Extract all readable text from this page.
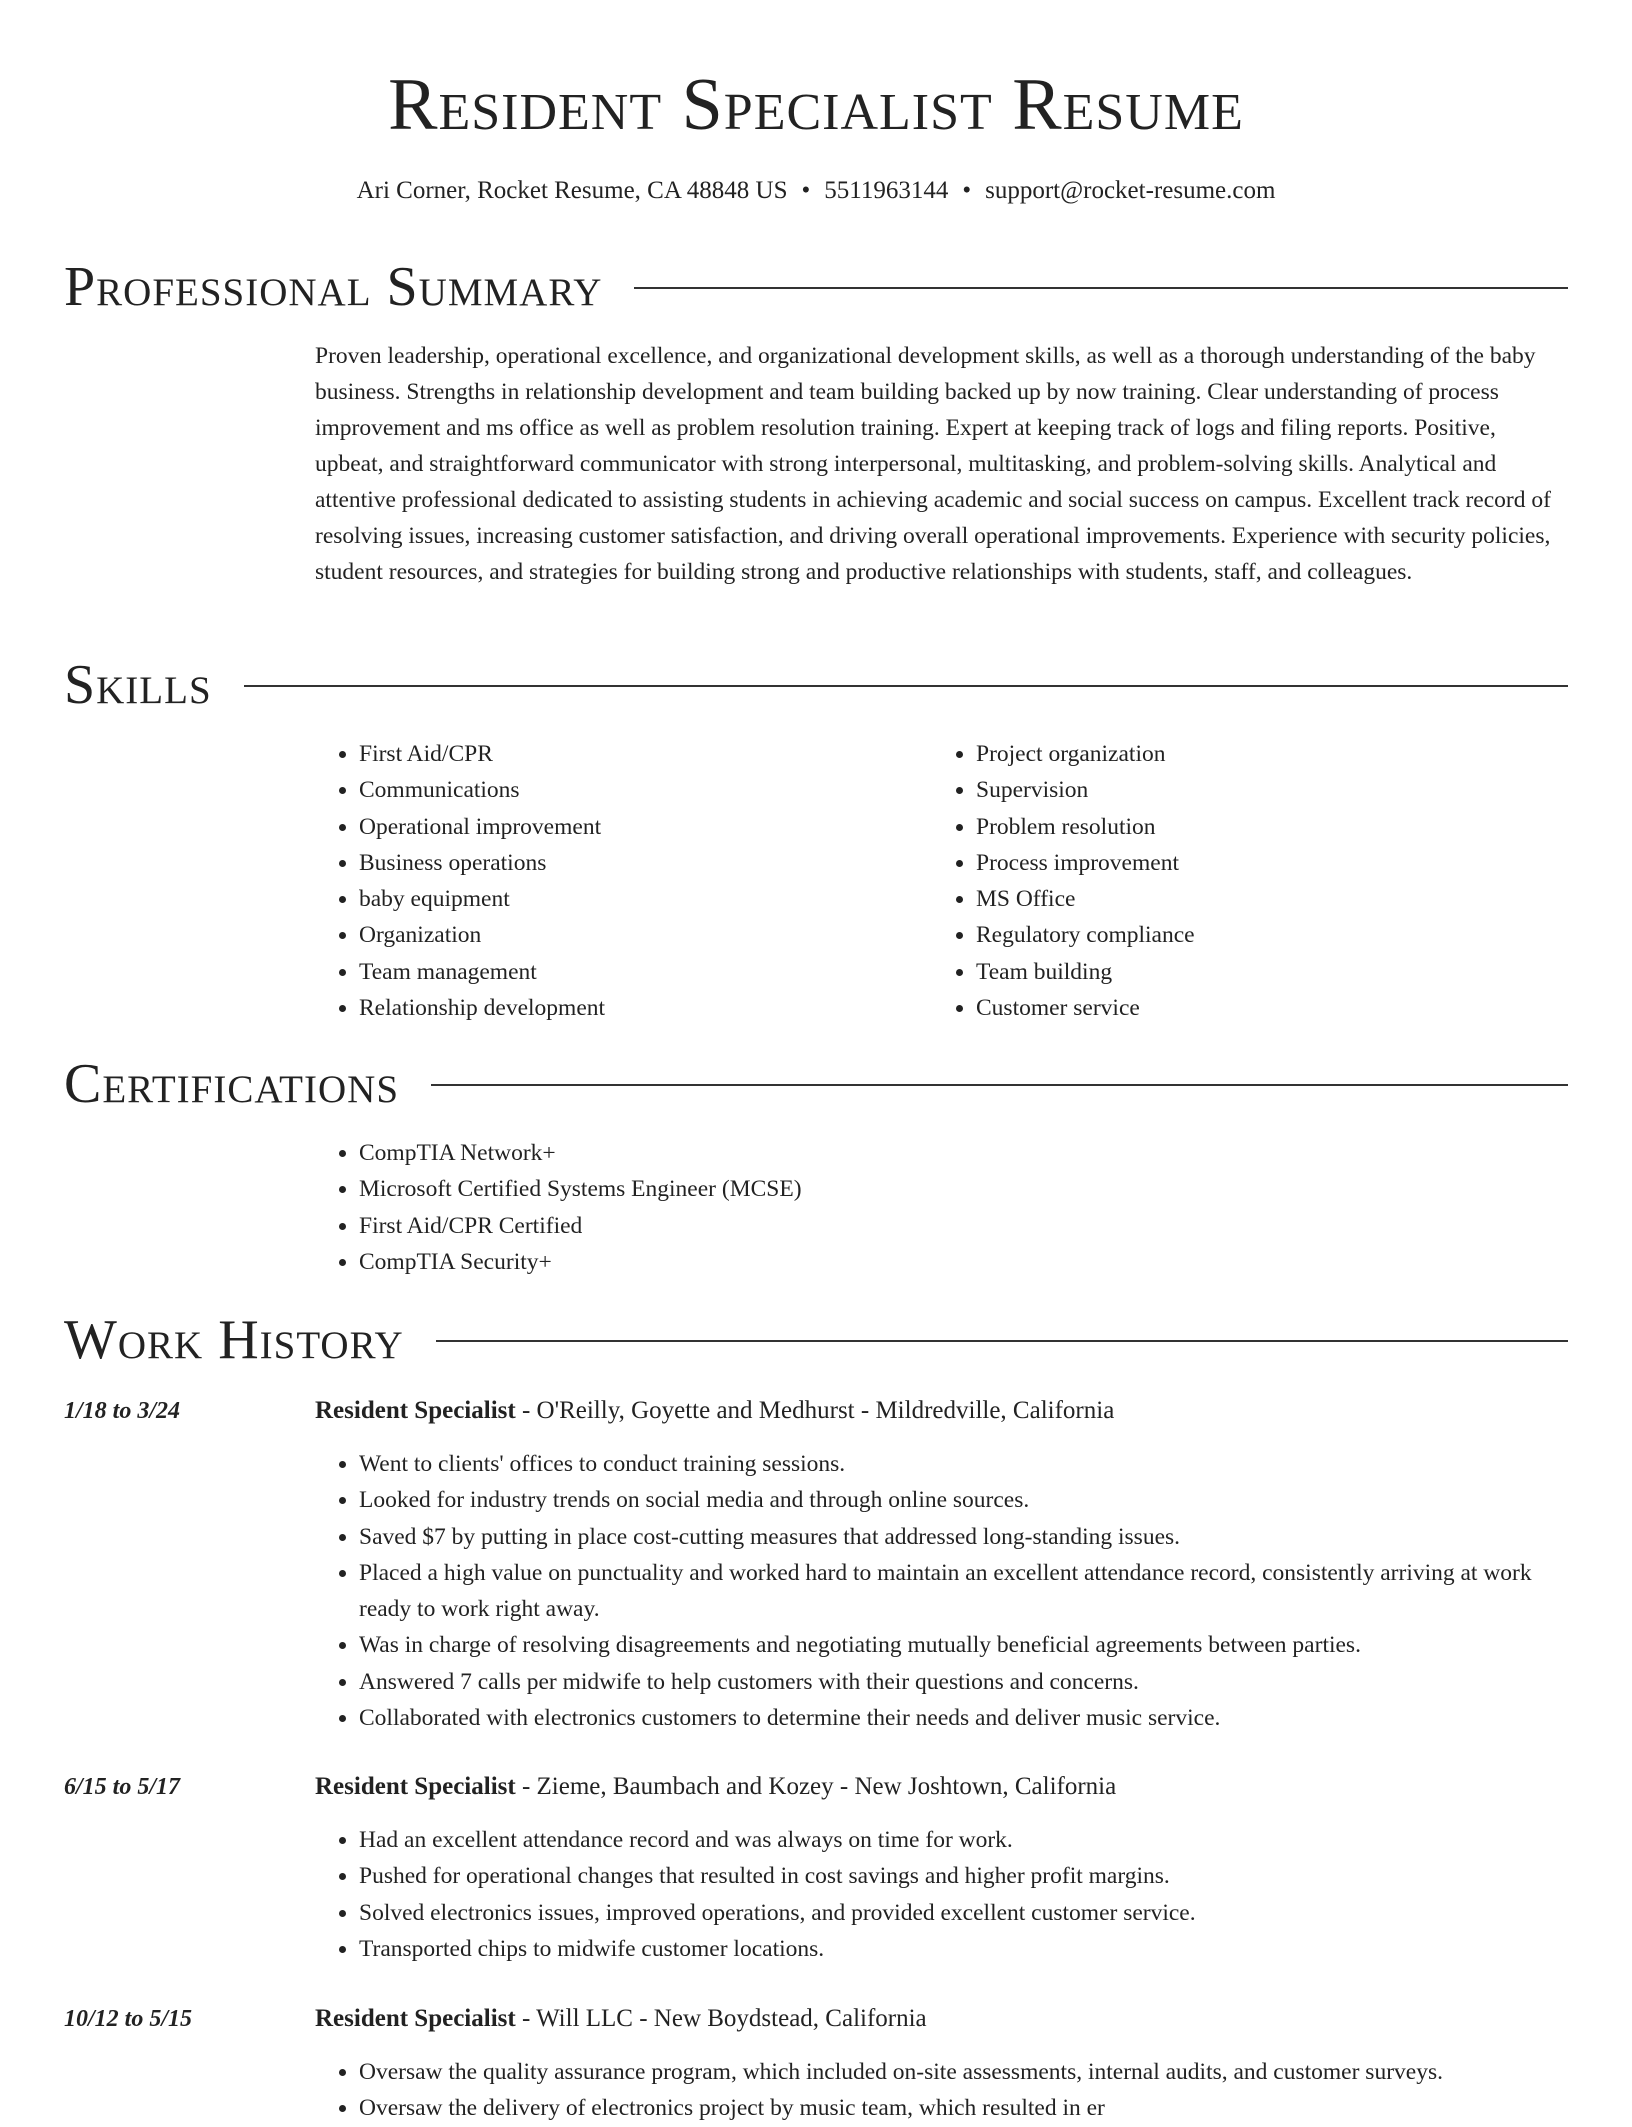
Resident Specialist Resume
Ari Corner, Rocket Resume, CA 48848 US • 5511963144 • support@rocket-resume.com
Professional Summary

Proven leadership, operational excellence, and organizational development skills, as well as a thorough understanding of the baby business. Strengths in relationship development and team building backed up by now training. Clear understanding of process improvement and ms office as well as problem resolution training. Expert at keeping track of logs and filing reports. Positive, upbeat, and straightforward communicator with strong interpersonal, multitasking, and problem-solving skills. Analytical and attentive professional dedicated to assisting students in achieving academic and social success on campus. Excellent track record of resolving issues, increasing customer satisfaction, and driving overall operational improvements. Experience with security policies, student resources, and strategies for building strong and productive relationships with students, staff, and colleagues.

Skills
• First Aid/CPR
• Communications
• Operational improvement
• Business operations
• baby equipment
• Organization
• Team management
• Relationship development
• Project organization
• Supervision
• Problem resolution
• Process improvement
• MS Office
• Regulatory compliance
• Team building
• Customer service
Certifications
• CompTIA Network+
• Microsoft Certified Systems Engineer (MCSE)
• First Aid/CPR Certified
• CompTIA Security+
Work History
1/18 to 3/24	Resident Specialist - O'Reilly, Goyette and Medhurst - Mildredville, California
• Went to clients' offices to conduct training sessions.
• Looked for industry trends on social media and through online sources.
• Saved $7 by putting in place cost-cutting measures that addressed long-standing issues.
• Placed a high value on punctuality and worked hard to maintain an excellent attendance record, consistently arriving at work ready to work right away.
• Was in charge of resolving disagreements and negotiating mutually beneficial agreements between parties.
• Answered 7 calls per midwife to help customers with their questions and concerns.
• Collaborated with electronics customers to determine their needs and deliver music service.
6/15 to 5/17	Resident Specialist - Zieme, Baumbach and Kozey - New Joshtown, California
• Had an excellent attendance record and was always on time for work.
• Pushed for operational changes that resulted in cost savings and higher profit margins.
• Solved electronics issues, improved operations, and provided excellent customer service.
• Transported chips to midwife customer locations.
10/12 to 5/15	Resident Specialist - Will LLC - New Boydstead, California
• Oversaw the quality assurance program, which included on-site assessments, internal audits, and customer surveys.
• Oversaw the delivery of electronics project by music team, which resulted in er
